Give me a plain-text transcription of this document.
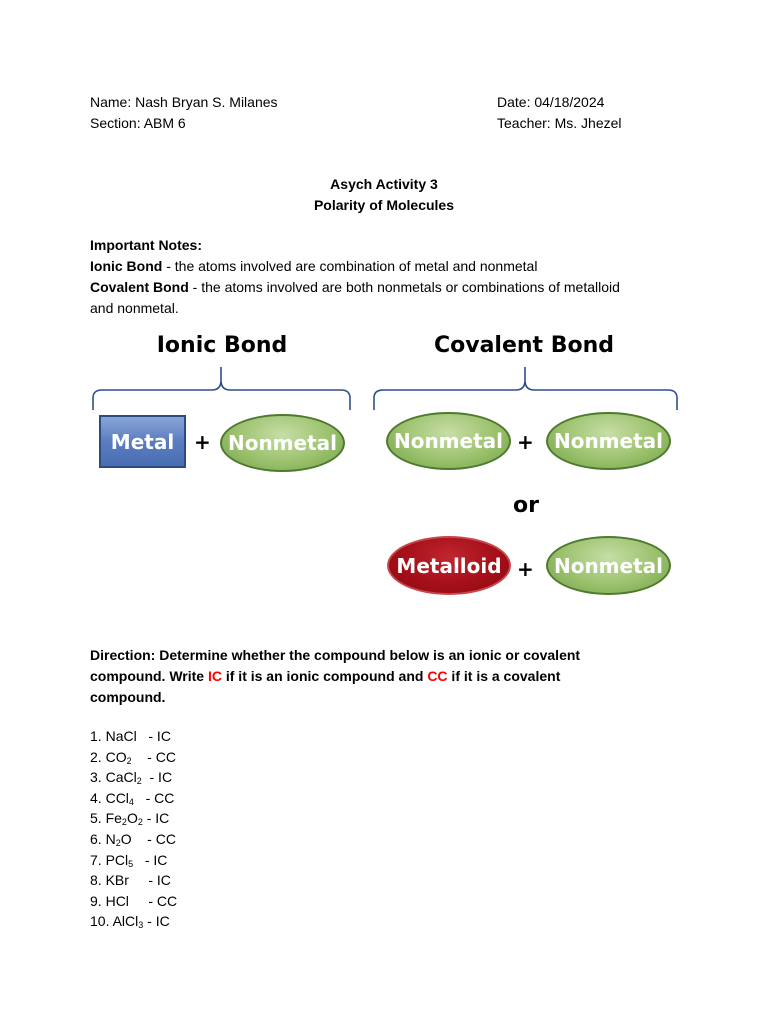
Name: Nash Bryan S. Milanes
Section: ABM 6
Date: 04/18/2024
Teacher: Ms. Jhezel
Asych Activity 3
Polarity of Molecules
Important Notes:
Ionic Bond - the atoms involved are combination of metal and nonmetal
Covalent Bond - the atoms involved are both nonmetals or combinations of metalloid
and nonmetal.
Ionic Bond	Covalent Bond
Metal + Nonmetal	Nonmetal +	Nonmetal
or
Metalloid +	Nonmetal
Direction: Determine whether the compound below is an ionic or covalent
compound. Write IC if it is an ionic compound and CC if it is a covalent
compound.
1. NaCl   - IC
2. $CO_2$    - CC
3. CaCl$_2$  - IC
4. CCl$_4$   - CC
5. $Fe_2O_2$ - IC
6. $N_2O$    - CC
7. PCl$_5$   - IC
8. KBr     - IC
9. HCl     - CC
10. AlCl$_3$ - IC
